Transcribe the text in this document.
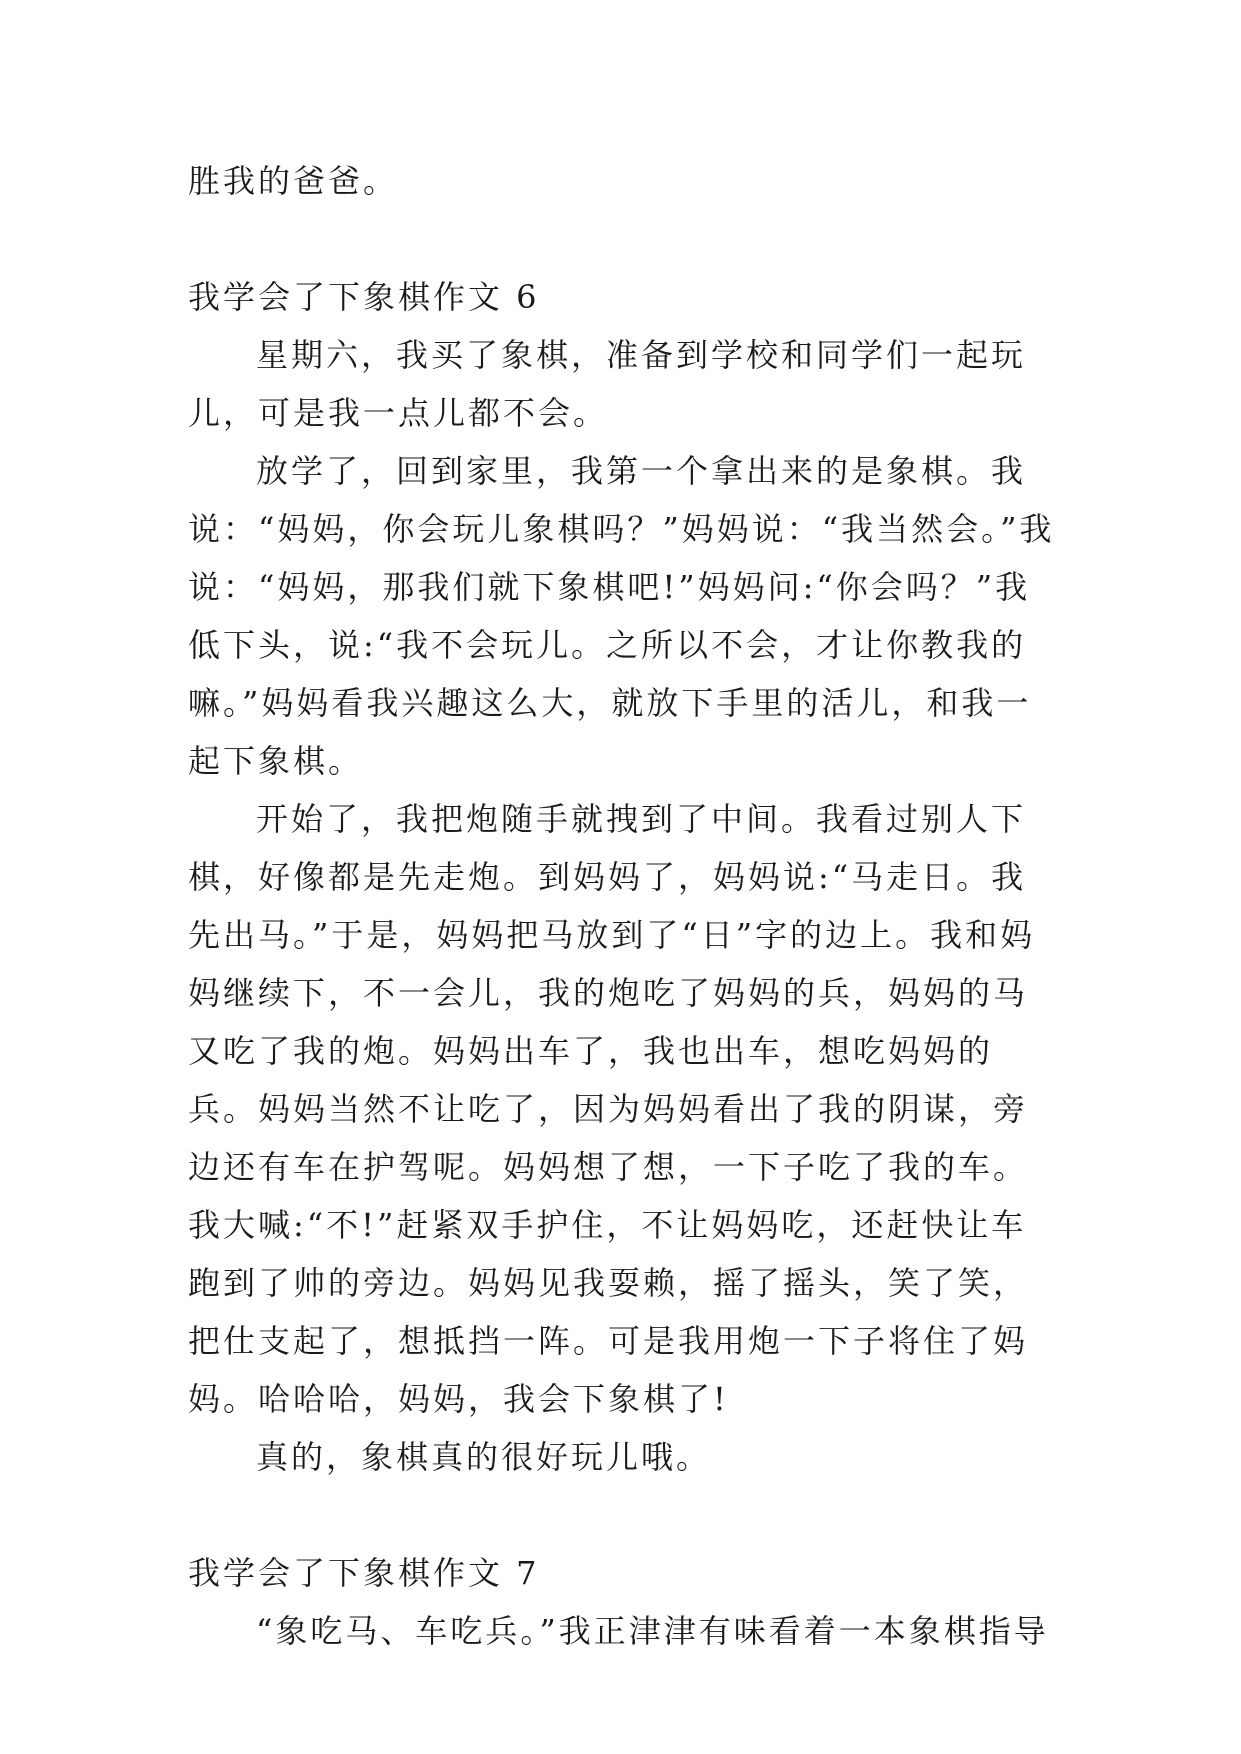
胜我的爸爸。

我学会了下象棋作文 6

星期六，我买了象棋，准备到学校和同学们一起玩儿，可是我一点儿都不会。

放学了，回到家里，我第一个拿出来的是象棋。我说：“妈妈，你会玩儿象棋吗？”妈妈说：“我当然会。”我说：“妈妈，那我们就下象棋吧!”妈妈问:“你会吗？”我低下头，说:“我不会玩儿。之所以不会，才让你教我的嘛。”妈妈看我兴趣这么大，就放下手里的活儿，和我一起下象棋。

开始了，我把炮随手就拽到了中间。我看过别人下棋，好像都是先走炮。到妈妈了，妈妈说:“马走日。我先出马。”于是，妈妈把马放到了“日”字的边上。我和妈妈继续下，不一会儿，我的炮吃了妈妈的兵，妈妈的马又吃了我的炮。妈妈出车了，我也出车，想吃妈妈的兵。妈妈当然不让吃了，因为妈妈看出了我的阴谋，旁边还有车在护驾呢。妈妈想了想，一下子吃了我的车。我大喊:“不!”赶紧双手护住，不让妈妈吃，还赶快让车跑到了帅的旁边。妈妈见我耍赖，摇了摇头，笑了笑，把仕支起了，想抵挡一阵。可是我用炮一下子将住了妈妈。哈哈哈，妈妈，我会下象棋了!

真的，象棋真的很好玩儿哦。

我学会了下象棋作文 7

“象吃马、车吃兵。”我正津津有味看着一本象棋指导
